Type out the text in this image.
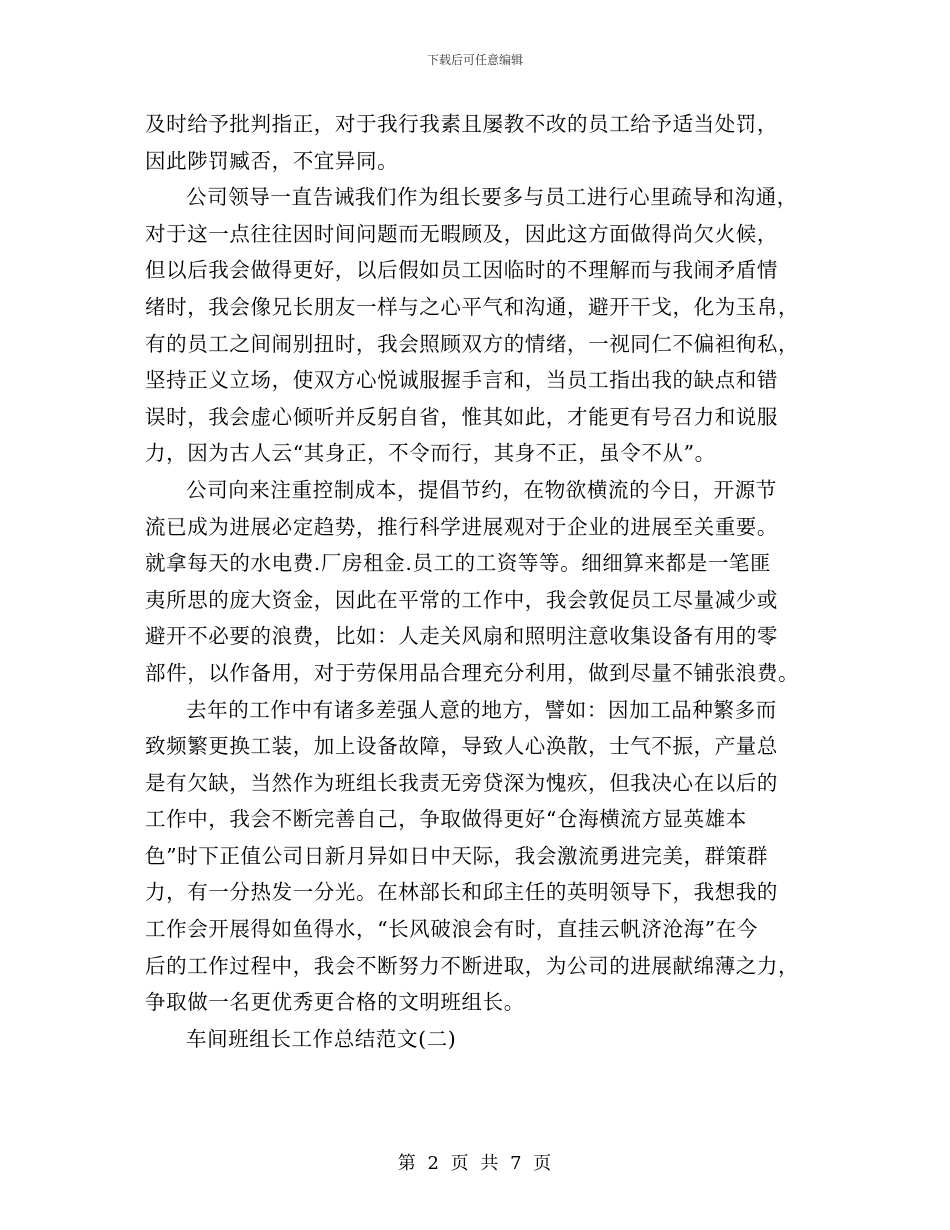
下载后可任意编辑
及时给予批判指正，对于我行我素且屡教不改的员工给予适当处罚，
因此陟罚臧否，不宜异同。
公司领导一直告诫我们作为组长要多与员工进行心里疏导和沟通，
对于这一点往往因时间问题而无暇顾及，因此这方面做得尚欠火候，
但以后我会做得更好，以后假如员工因临时的不理解而与我闹矛盾情
绪时，我会像兄长朋友一样与之心平气和沟通，避开干戈，化为玉帛，
有的员工之间闹别扭时，我会照顾双方的情绪，一视同仁不偏袒徇私，
坚持正义立场，使双方心悦诚服握手言和，当员工指出我的缺点和错
误时，我会虚心倾听并反躬自省，惟其如此，才能更有号召力和说服
力，因为古人云“其身正，不令而行，其身不正，虽令不从”。
公司向来注重控制成本，提倡节约，在物欲横流的今日，开源节
流已成为进展必定趋势，推行科学进展观对于企业的进展至关重要。
就拿每天的水电费.厂房租金.员工的工资等等。细细算来都是一笔匪
夷所思的庞大资金，因此在平常的工作中，我会敦促员工尽量减少或
避开不必要的浪费，比如：人走关风扇和照明注意收集设备有用的零
部件，以作备用，对于劳保用品合理充分利用，做到尽量不铺张浪费。
去年的工作中有诸多差强人意的地方，譬如：因加工品种繁多而
致频繁更换工装，加上设备故障，导致人心涣散，士气不振，产量总
是有欠缺，当然作为班组长我责无旁贷深为愧疚，但我决心在以后的
工作中，我会不断完善自己，争取做得更好“仓海横流方显英雄本
色”时下正值公司日新月异如日中天际，我会激流勇进完美，群策群
力，有一分热发一分光。在林部长和邱主任的英明领导下，我想我的
工作会开展得如鱼得水，“长风破浪会有时，直挂云帆济沧海”在今
后的工作过程中，我会不断努力不断进取，为公司的进展献绵薄之力，
争取做一名更优秀更合格的文明班组长。
车间班组长工作总结范文(二)
第 2 页 共 7 页
